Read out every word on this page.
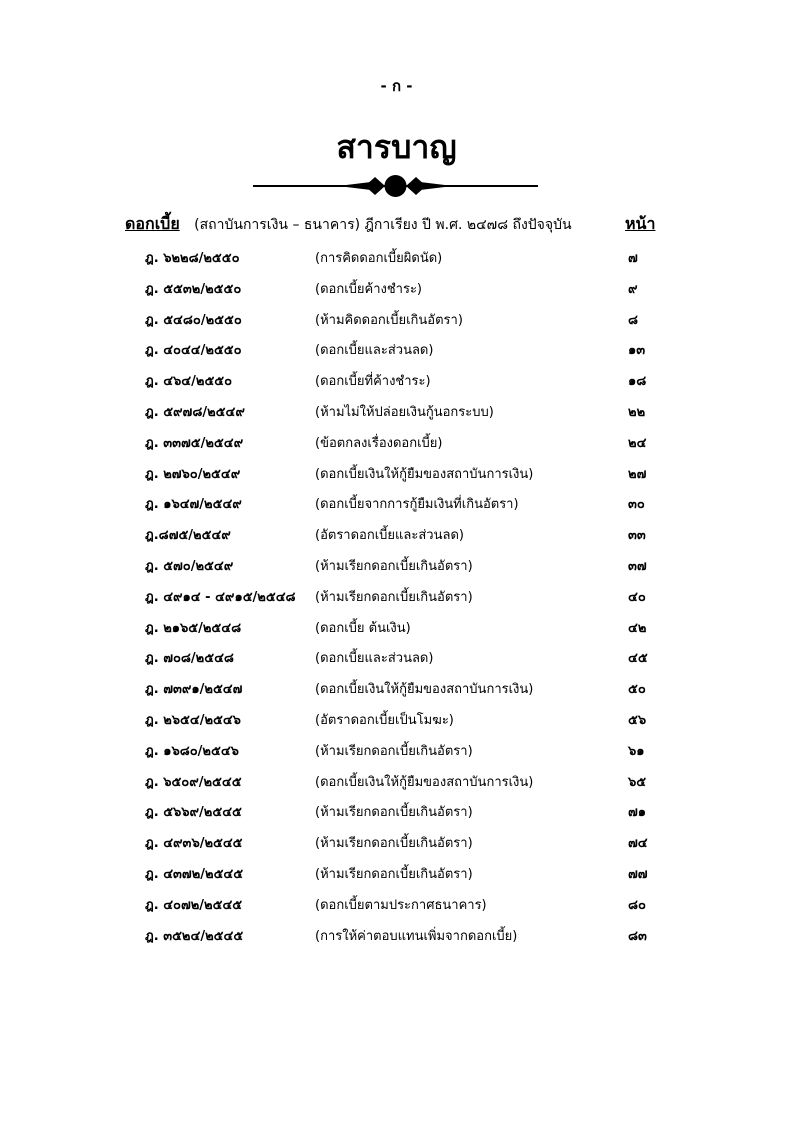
- ก -
สารบาญ
ดอกเบี้ย (สถาบันการเงิน – ธนาคาร) ฎีกาเรียง ปี พ.ศ. ๒๔๗๘ ถึงปัจจุบัน	หน้า
ฎ. ๖๒๒๘/๒๕๕๐	(การคิดดอกเบี้ยผิดนัด)	๗
ฎ. ๕๕๓๒/๒๕๕๐	(ดอกเบี้ยค้างชำระ)	๙
ฎ. ๕๔๘๐/๒๕๕๐	(ห้ามคิดดอกเบี้ยเกินอัตรา)	๘
ฎ. ๔๐๔๔/๒๕๕๐	(ดอกเบี้ยและส่วนลด)	๑๓
ฎ. ๔๖๔/๒๕๕๐	(ดอกเบี้ยที่ค้างชำระ)	๑๘
ฎ. ๕๙๗๘/๒๕๔๙	(ห้ามไม่ให้ปล่อยเงินกู้นอกระบบ)	๒๒
ฎ. ๓๓๗๕/๒๕๔๙	(ข้อตกลงเรื่องดอกเบี้ย)	๒๔
ฎ. ๒๗๖๐/๒๕๔๙	(ดอกเบี้ยเงินให้กู้ยืมของสถาบันการเงิน)	๒๗
ฎ. ๑๖๔๗/๒๕๔๙	(ดอกเบี้ยจากการกู้ยืมเงินที่เกินอัตรา)	๓๐
ฎ.๘๗๕/๒๕๔๙	(อัตราดอกเบี้ยและส่วนลด)	๓๓
ฎ. ๕๗๐/๒๕๔๙	(ห้ามเรียกดอกเบี้ยเกินอัตรา)	๓๗
ฎ. ๔๙๑๔ - ๔๙๑๕/๒๕๔๘ (ห้ามเรียกดอกเบี้ยเกินอัตรา)	๔๐
ฎ. ๒๑๖๕/๒๕๔๘	(ดอกเบี้ย ต้นเงิน)	๔๒
ฎ. ๗๐๘/๒๕๔๘	(ดอกเบี้ยและส่วนลด)	๔๕
ฎ. ๗๓๙๑/๒๕๔๗	(ดอกเบี้ยเงินให้กู้ยืมของสถาบันการเงิน)	๕๐
ฎ. ๒๖๕๔/๒๕๔๖	(อัตราดอกเบี้ยเป็นโมฆะ)	๕๖
ฎ. ๑๖๘๐/๒๕๔๖	(ห้ามเรียกดอกเบี้ยเกินอัตรา)	๖๑
ฎ. ๖๕๐๙/๒๕๔๕	(ดอกเบี้ยเงินให้กู้ยืมของสถาบันการเงิน)	๖๕
ฎ. ๕๖๖๙/๒๕๔๕	(ห้ามเรียกดอกเบี้ยเกินอัตรา)	๗๑
ฎ. ๔๙๓๖/๒๕๔๕	(ห้ามเรียกดอกเบี้ยเกินอัตรา)	๗๔
ฎ. ๔๓๗๒/๒๕๔๕	(ห้ามเรียกดอกเบี้ยเกินอัตรา)	๗๗
ฎ. ๔๐๗๒/๒๕๔๕	(ดอกเบี้ยตามประกาศธนาคาร)	๘๐
ฎ. ๓๕๒๔/๒๕๔๕	(การให้ค่าตอบแทนเพิ่มจากดอกเบี้ย)	๘๓
